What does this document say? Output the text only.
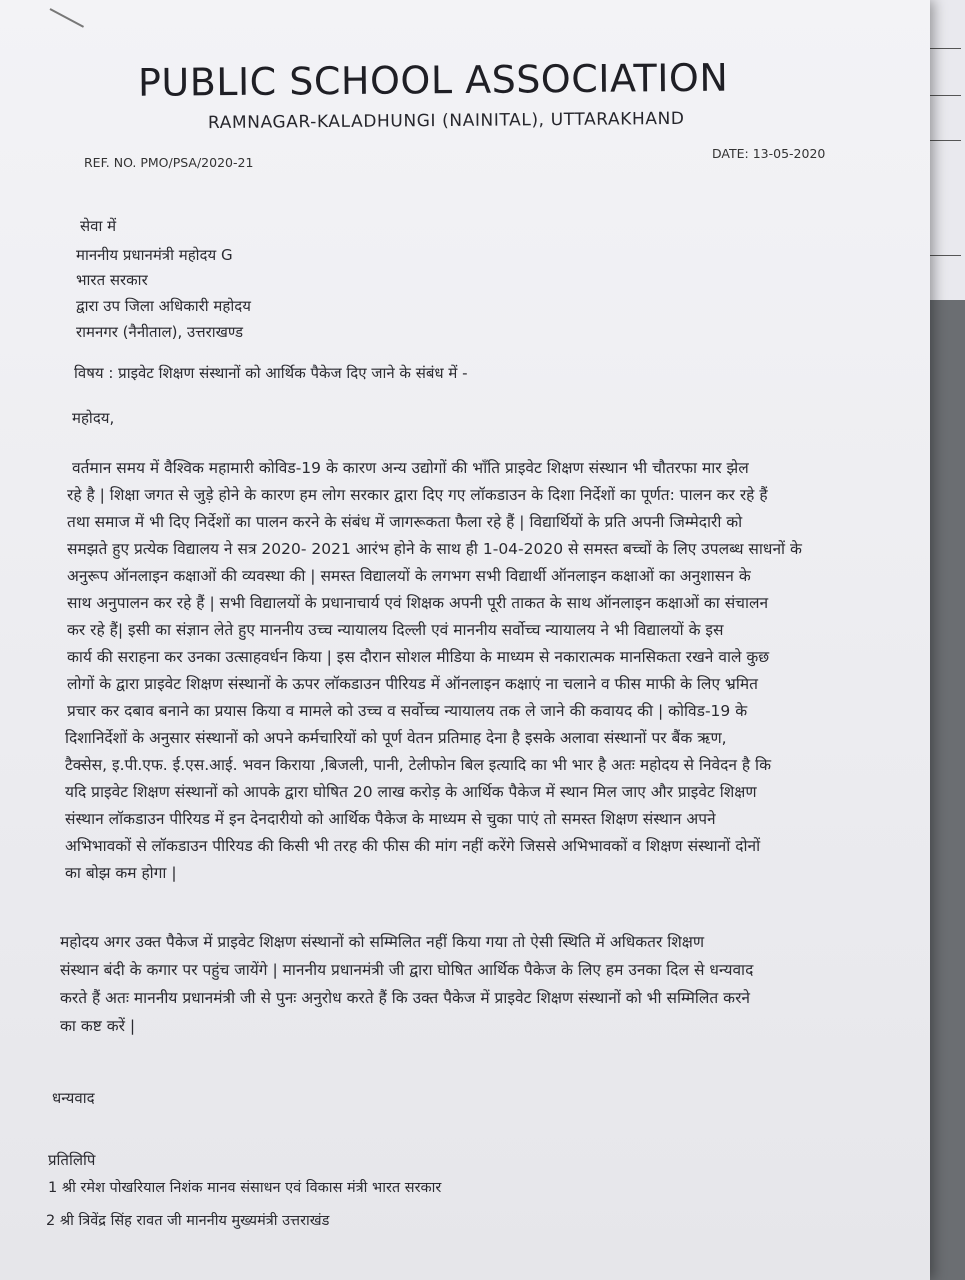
PUBLIC SCHOOL ASSOCIATION
RAMNAGAR-KALADHUNGI (NAINITAL), UTTARAKHAND
REF. NO. PMO/PSA/2020-21
DATE: 13-05-2020
सेवा में
माननीय प्रधानमंत्री महोदय G
भारत सरकार
द्वारा उप जिला अधिकारी महोदय
रामनगर (नैनीताल), उत्तराखण्ड
विषय : प्राइवेट शिक्षण संस्थानों को आर्थिक पैकेज दिए जाने के संबंध में -
महोदय,
वर्तमान समय में वैश्विक महामारी कोविड-19 के कारण अन्य उद्योगों की भाँति प्राइवेट शिक्षण संस्थान भी चौतरफा मार झेल
रहे है | शिक्षा जगत से जुड़े होने के कारण हम लोग सरकार द्वारा दिए गए लॉकडाउन के दिशा निर्देशों का पूर्णत: पालन कर रहे हैं
तथा समाज में भी दिए निर्देशों का पालन करने के संबंध में जागरूकता फैला रहे हैं | विद्यार्थियों के प्रति अपनी जिम्मेदारी को
समझते हुए प्रत्येक विद्यालय ने सत्र 2020- 2021 आरंभ होने के साथ ही 1-04-2020 से समस्त बच्चों के लिए उपलब्ध साधनों के
अनुरूप ऑनलाइन कक्षाओं की व्यवस्था की | समस्त विद्यालयों के लगभग सभी विद्यार्थी ऑनलाइन कक्षाओं का अनुशासन के
साथ अनुपालन कर रहे हैं | सभी विद्यालयों के प्रधानाचार्य एवं शिक्षक अपनी पूरी ताकत के साथ ऑनलाइन कक्षाओं का संचालन
कर रहे हैं| इसी का संज्ञान लेते हुए माननीय उच्च न्यायालय दिल्ली एवं माननीय सर्वोच्च न्यायालय ने भी विद्यालयों के इस
कार्य की सराहना कर उनका उत्साहवर्धन किया | इस दौरान सोशल मीडिया के माध्यम से नकारात्मक मानसिकता रखने वाले कुछ
लोगों के द्वारा प्राइवेट शिक्षण संस्थानों के ऊपर लॉकडाउन पीरियड में ऑनलाइन कक्षाएं ना चलाने व फीस माफी के लिए भ्रमित
प्रचार कर दबाव बनाने का प्रयास किया व मामले को उच्च व सर्वोच्च न्यायालय तक ले जाने की कवायद की | कोविड-19 के
दिशानिर्देशों के अनुसार संस्थानों को अपने कर्मचारियों को पूर्ण वेतन प्रतिमाह देना है इसके अलावा संस्थानों पर बैंक ऋण,
टैक्सेस, इ.पी.एफ. ई.एस.आई. भवन किराया ,बिजली, पानी, टेलीफोन बिल इत्यादि का भी भार है अतः महोदय से निवेदन है कि
यदि प्राइवेट शिक्षण संस्थानों को आपके द्वारा घोषित 20 लाख करोड़ के आर्थिक पैकेज में स्थान मिल जाए और प्राइवेट शिक्षण
संस्थान लॉकडाउन पीरियड में इन देनदारीयो को आर्थिक पैकेज के माध्यम से चुका पाएं तो समस्त शिक्षण संस्थान अपने
अभिभावकों से लॉकडाउन पीरियड की किसी भी तरह की फीस की मांग नहीं करेंगे जिससे अभिभावकों व शिक्षण संस्थानों दोनों
का बोझ कम होगा |
महोदय अगर उक्त पैकेज में प्राइवेट शिक्षण संस्थानों को सम्मिलित नहीं किया गया तो ऐसी स्थिति में अधिकतर शिक्षण
संस्थान बंदी के कगार पर पहुंच जायेंगे | माननीय प्रधानमंत्री जी द्वारा घोषित आर्थिक पैकेज के लिए हम उनका दिल से धन्यवाद
करते हैं अतः माननीय प्रधानमंत्री जी से पुनः अनुरोध करते हैं कि उक्त पैकेज में प्राइवेट शिक्षण संस्थानों को भी सम्मिलित करने
का कष्ट करें |
धन्यवाद
प्रतिलिपि
1 श्री रमेश पोखरियाल निशंक मानव संसाधन एवं विकास मंत्री भारत सरकार
2 श्री त्रिवेंद्र सिंह रावत जी माननीय मुख्यमंत्री उत्तराखंड
